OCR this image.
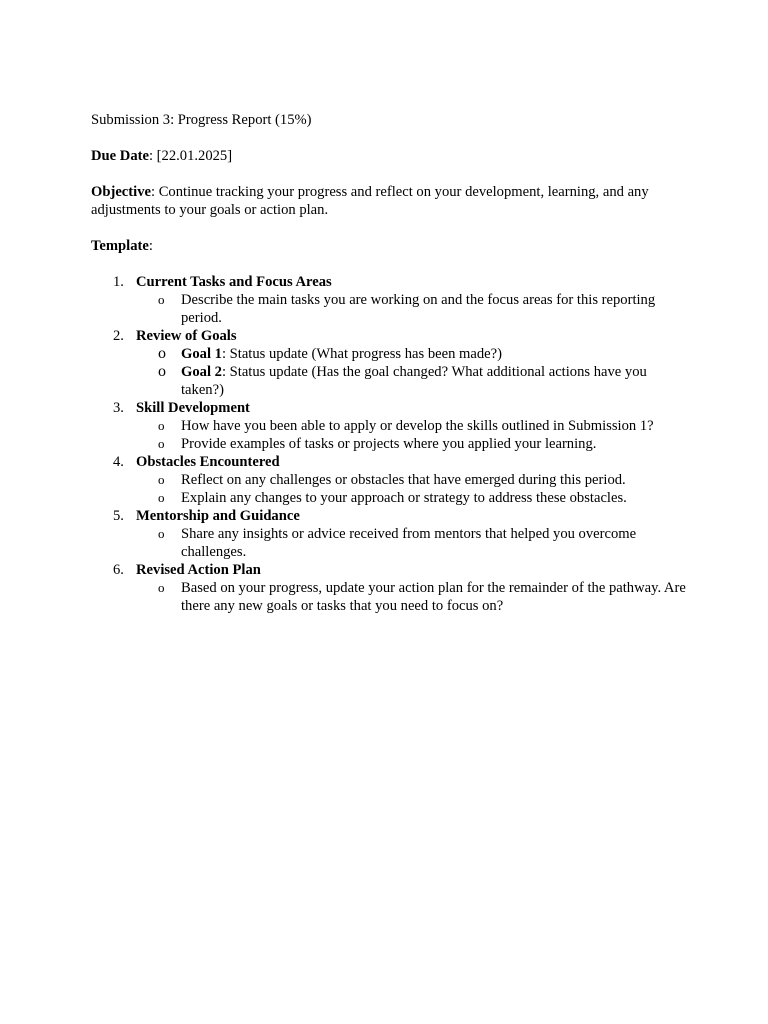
Submission 3: Progress Report (15%)

Due Date: [22.01.2025]

Objective: Continue tracking your progress and reflect on your development, learning, and any adjustments to your goals or action plan.

Template:

1. Current Tasks and Focus Areas
o Describe the main tasks you are working on and the focus areas for this reporting period.
2. Review of Goals
o Goal 1: Status update (What progress has been made?)
o Goal 2: Status update (Has the goal changed? What additional actions have you taken?)
3. Skill Development
o How have you been able to apply or develop the skills outlined in Submission 1?
o Provide examples of tasks or projects where you applied your learning.
4. Obstacles Encountered
o Reflect on any challenges or obstacles that have emerged during this period.
o Explain any changes to your approach or strategy to address these obstacles.
5. Mentorship and Guidance
o Share any insights or advice received from mentors that helped you overcome challenges.
6. Revised Action Plan
o Based on your progress, update your action plan for the remainder of the pathway. Are there any new goals or tasks that you need to focus on?
